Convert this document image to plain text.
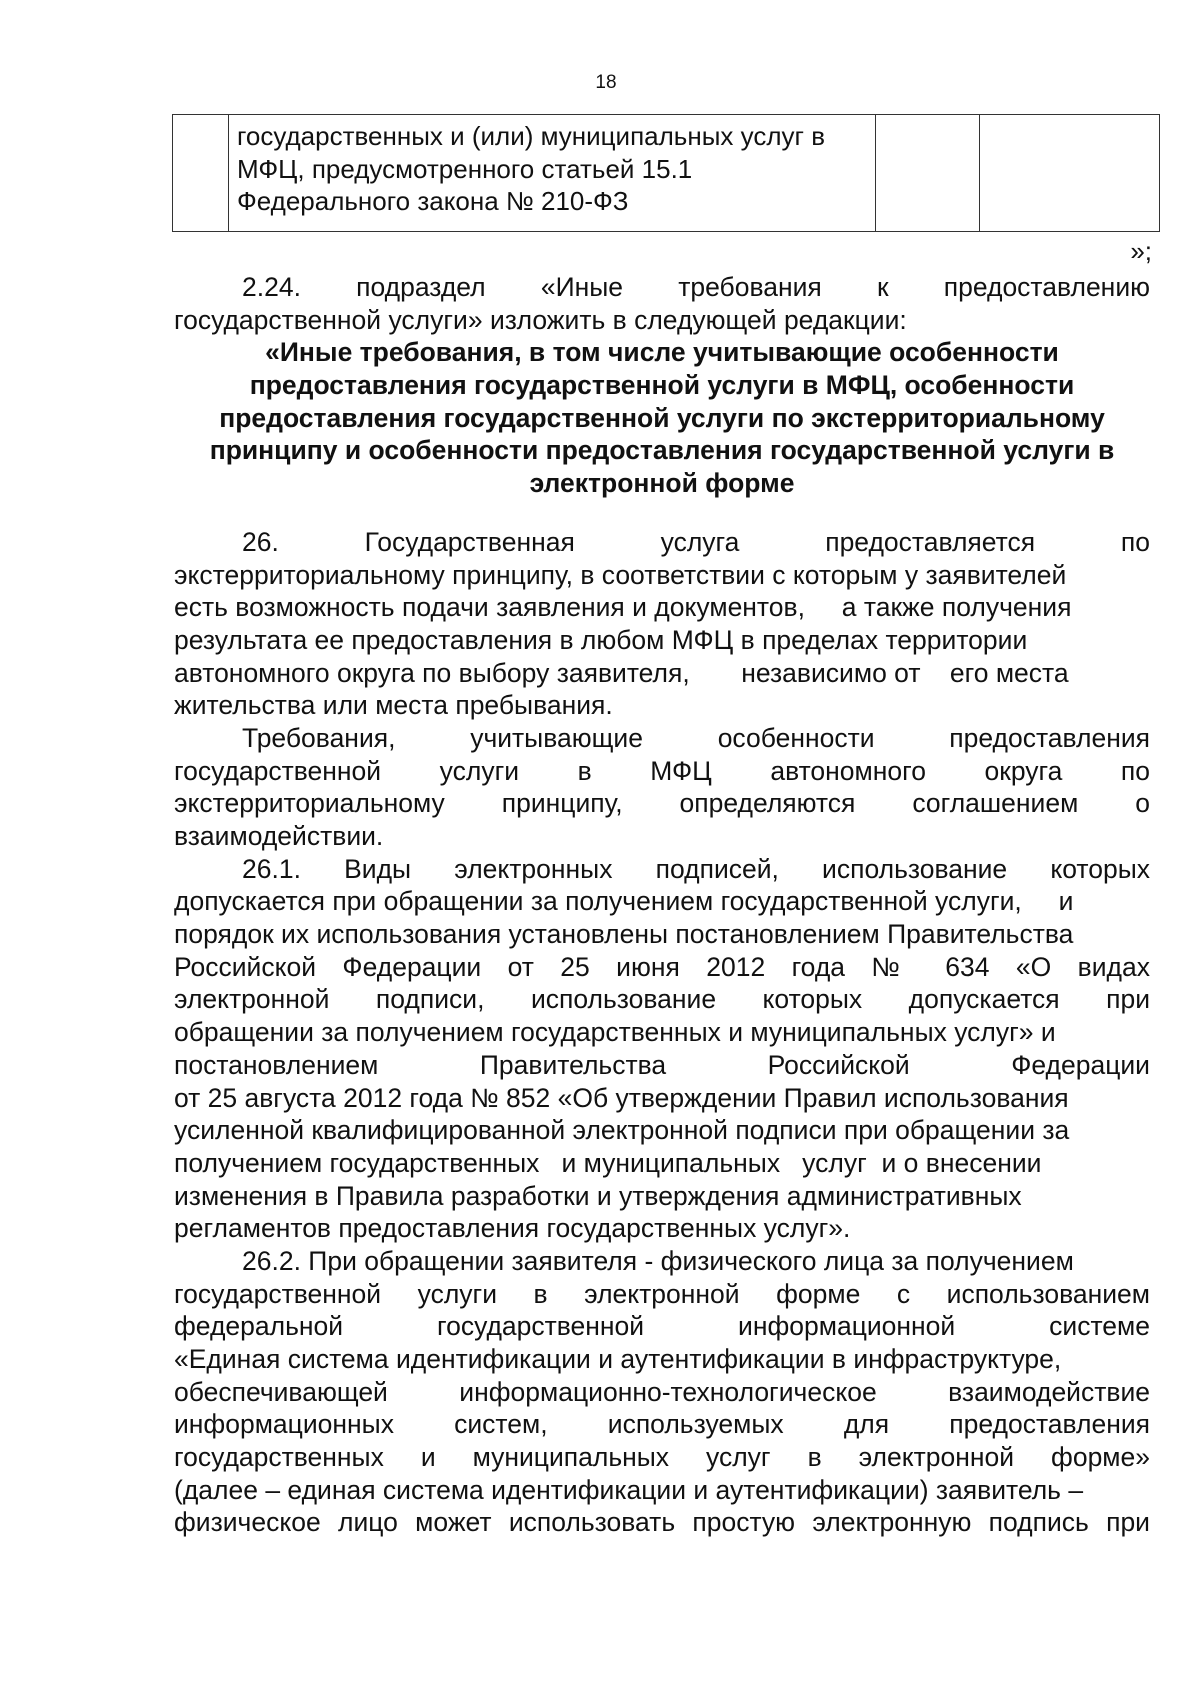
18

государственных и (или) муниципальных услуг в
МФЦ, предусмотренного статьей 15.1
Федерального закона № 210-ФЗ

»;
2.24. подраздел «Иные требования к предоставлению
государственной услуги» изложить в следующей редакции:
«Иные требования, в том числе учитывающие особенности
предоставления государственной услуги в МФЦ, особенности
предоставления государственной услуги по экстерриториальному
принципу и особенности предоставления государственной услуги в
электронной форме
26. Государственная услуга предоставляется по
экстерриториальному принципу, в соответствии с которым у заявителей
есть возможность подачи заявления и документов,     а также получения
результата ее предоставления в любом МФЦ в пределах территории
автономного округа по выбору заявителя,       независимо от    его места
жительства или места пребывания.
Требования, учитывающие особенности предоставления
государственной услуги в МФЦ автономного округа по
экстерриториальному принципу, определяются соглашением о
взаимодействии.
26.1. Виды электронных подписей, использование которых
допускается при обращении за получением государственной услуги,     и
порядок их использования установлены постановлением Правительства
Российской Федерации от 25 июня 2012 года № 634 «О видах
электронной подписи, использование которых допускается при
обращении за получением государственных и муниципальных услуг» и
постановлением Правительства Российской Федерации
от 25 августа 2012 года № 852 «Об утверждении Правил использования
усиленной квалифицированной электронной подписи при обращении за
получением государственных   и муниципальных   услуг  и о внесении
изменения в Правила разработки и утверждения административных
регламентов предоставления государственных услуг».
26.2. При обращении заявителя - физического лица за получением
государственной услуги в электронной форме с использованием
федеральной государственной информационной системе
«Единая система идентификации и аутентификации в инфраструктуре,
обеспечивающей информационно-технологическое взаимодействие
информационных систем, используемых для предоставления
государственных и муниципальных услуг в электронной форме»
(далее – единая система идентификации и аутентификации) заявитель –
физическое лицо может использовать простую электронную подпись при
